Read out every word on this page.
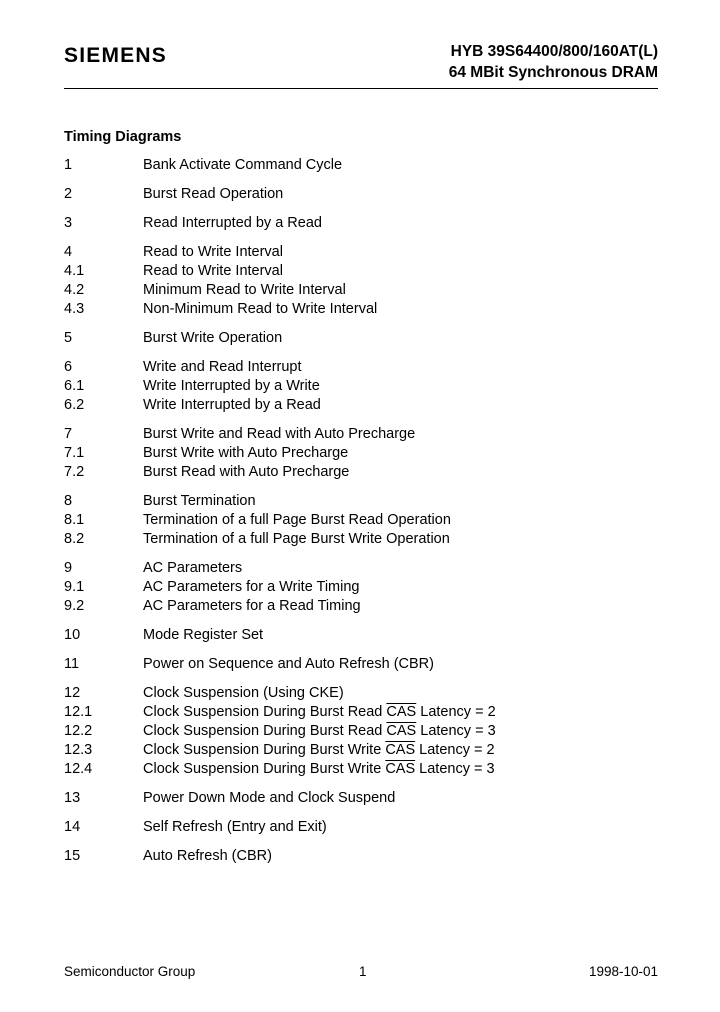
SIEMENS	HYB 39S64400/800/160AT(L)
64 MBit Synchronous DRAM
Timing Diagrams
1	Bank Activate Command Cycle
2	Burst Read Operation
3	Read Interrupted by a Read
4	Read to Write Interval
4.1	Read to Write Interval
4.2	Minimum Read to Write Interval
4.3	Non-Minimum Read to Write Interval
5	Burst Write Operation
6	Write and Read Interrupt
6.1	Write Interrupted by a Write
6.2	Write Interrupted by a Read
7	Burst Write and Read with Auto Precharge
7.1	Burst Write with Auto Precharge
7.2	Burst Read with Auto Precharge
8	Burst Termination
8.1	Termination of a full Page Burst Read Operation
8.2	Termination of a full Page Burst Write Operation
9	AC Parameters
9.1	AC Parameters for a Write Timing
9.2	AC Parameters for a Read Timing
10	Mode Register Set
11	Power on Sequence and Auto Refresh (CBR)
12	Clock Suspension (Using CKE)
12.1	Clock Suspension During Burst Read $\overline{CAS}$ Latency = 2
12.2	Clock Suspension During Burst Read $\overline{CAS}$ Latency = 3
12.3	Clock Suspension During Burst Write $\overline{CAS}$ Latency = 2
12.4	Clock Suspension During Burst Write $\overline{CAS}$ Latency = 3
13	Power Down Mode and Clock Suspend
14	Self Refresh (Entry and Exit)
15	Auto Refresh (CBR)
Semiconductor Group	1	1998-10-01
